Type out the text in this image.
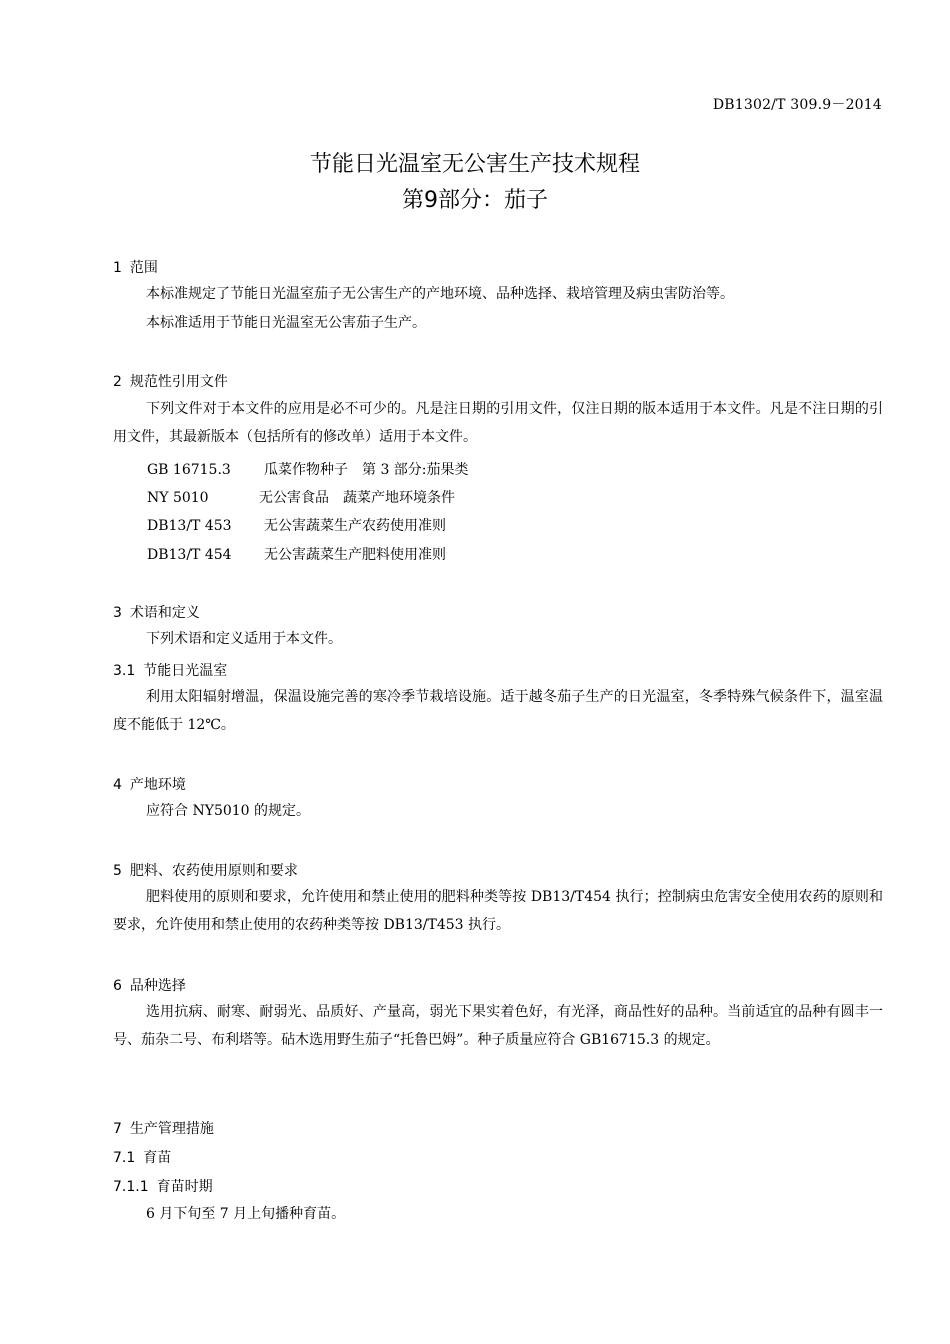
DB1302/T 309.9－2014
节能日光温室无公害生产技术规程
第9部分：茄子
1 范围
本标准规定了节能日光温室茄子无公害生产的产地环境、品种选择、栽培管理及病虫害防治等。
本标准适用于节能日光温室无公害茄子生产。
2 规范性引用文件
下列文件对于本文件的应用是必不可少的。凡是注日期的引用文件，仅注日期的版本适用于本文件。凡是不注日期的引用文件，其最新版本（包括所有的修改单）适用于本文件。
GB 16715.3 瓜菜作物种子　第 3 部分:茄果类
NY 5010	无公害食品　蔬菜产地环境条件
DB13/T 453 无公害蔬菜生产农药使用准则
DB13/T 454 无公害蔬菜生产肥料使用准则
3 术语和定义
下列术语和定义适用于本文件。
3.1 节能日光温室
利用太阳辐射增温，保温设施完善的寒冷季节栽培设施。适于越冬茄子生产的日光温室，冬季特殊气候条件下，温室温度不能低于 12℃。
4 产地环境
应符合 NY5010 的规定。
5 肥料、农药使用原则和要求
肥料使用的原则和要求，允许使用和禁止使用的肥料种类等按 DB13/T454 执行；控制病虫危害安全使用农药的原则和要求，允许使用和禁止使用的农药种类等按 DB13/T453 执行。
6 品种选择
选用抗病、耐寒、耐弱光、品质好、产量高，弱光下果实着色好，有光泽，商品性好的品种。当前适宜的品种有圆丰一号、茄杂二号、布利塔等。砧木选用野生茄子“托鲁巴姆”。种子质量应符合 GB16715.3 的规定。
7 生产管理措施
7.1 育苗
7.1.1 育苗时期
6 月下旬至 7 月上旬播种育苗。
